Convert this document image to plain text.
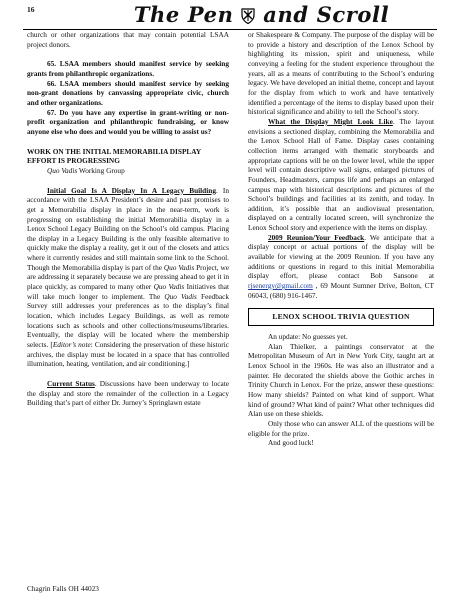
16	The Pen and Scroll

church or other organizations that may contain potential LSAA project donors.

65. LSAA members should manifest service by seeking grants from philanthropic organizations.

66. LSAA members should manifest service by seeking non-grant donations by canvassing appropriate civic, church and other organizations.

67. Do you have any expertise in grant-writing or non-profit organization and philanthropic fundraising, or know anyone else who does and would you be willing to assist us?

WORK ON THE INITIAL MEMORABILIA DISPLAY EFFORT IS PROGRESSING

Quo Vadis Working Group

Initial Goal Is A Display In A Legacy Building. In accordance with the LSAA President’s desire and past promises to get a Memorabilia display in place in the near-term, work is progressing on establishing the initial Memorabilia display in a Lenox School Legacy Building on the School’s old campus. Placing the display in a Legacy Building is the only feasible alternative to quickly make the display a reality, get it out of the closets and attics where it currently resides and still maintain some link to the School. Though the Memorabilia display is part of the Quo Vadis Project, we are addressing it separately because we are pressing ahead to get it in place quickly, as compared to many other Quo Vadis Initiatives that will take much longer to implement. The Quo Vadis Feedback Survey still addresses your preferences as to the display’s final location, which includes Legacy Buildings, as well as remote locations such as schools and other collections/museums/libraries. Eventually, the display will be located where the membership selects. [Editor’s note: Considering the preservation of these historic archives, the display must be located in a space that has controlled illumination, heating, ventilation, and air conditioning.]

Current Status. Discussions have been underway to locate the display and store the remainder of the collection in a Legacy Building that’s part of either Dr. Jurney’s Springlawn estate

or Shakespeare & Company. The purpose of the display will be to provide a history and description of the Lenox School by highlighting its mission, spirit and uniqueness, while conveying a feeling for the student experience throughout the years, all as a means of contributing to the School’s enduring legacy. We have developed an initial theme, concept and layout for the display from which to work and have tentatively identified a percentage of the items to display based upon their historical significance and ability to tell the School’s story.

What the Display Might Look Like. The layout envisions a sectioned display, combining the Memorabilia and the Lenox School Hall of Fame. Display cases containing collection items arranged with thematic storyboards and appropriate captions will be on the lower level, while the upper level will contain descriptive wall signs, enlarged pictures of Founders, Headmasters, campus life and perhaps an enlarged campus map with historical descriptions and pictures of the School’s buildings and facilities at its zenith, and today. In addition, it’s possible that an audiovisual presentation, displayed on a centrally located screen, will synchronize the Lenox School story and experience with the items on display.

2009 Reunion/Your Feedback. We anticipate that a display concept or actual portions of the display will be available for viewing at the 2009 Reunion. If you have any additions or questions in regard to this initial Memorabilia display effort, please contact Bob Sansone at rjsenergy@gmail.com , 69 Mount Sumner Drive, Bolton, CT 06043, (680) 916-1467.

LENOX SCHOOL TRIVIA QUESTION

An update: No guesses yet.

Alan Thielker, a paintings conservator at the Metropolitan Museum of Art in New York City, taught art at Lenox School in the 1960s. He was also an illustrator and a painter. He decorated the shields above the Gothic arches in Trinity Church in Lenox. For the prize, answer these questions: How many shields? Painted on what kind of support. What kind of ground? What kind of paint? What other techniques did Alan use on these shields.

Only those who can answer ALL of the questions will be eligible for the prize.

And good luck!

Chagrin Falls OH 44023
